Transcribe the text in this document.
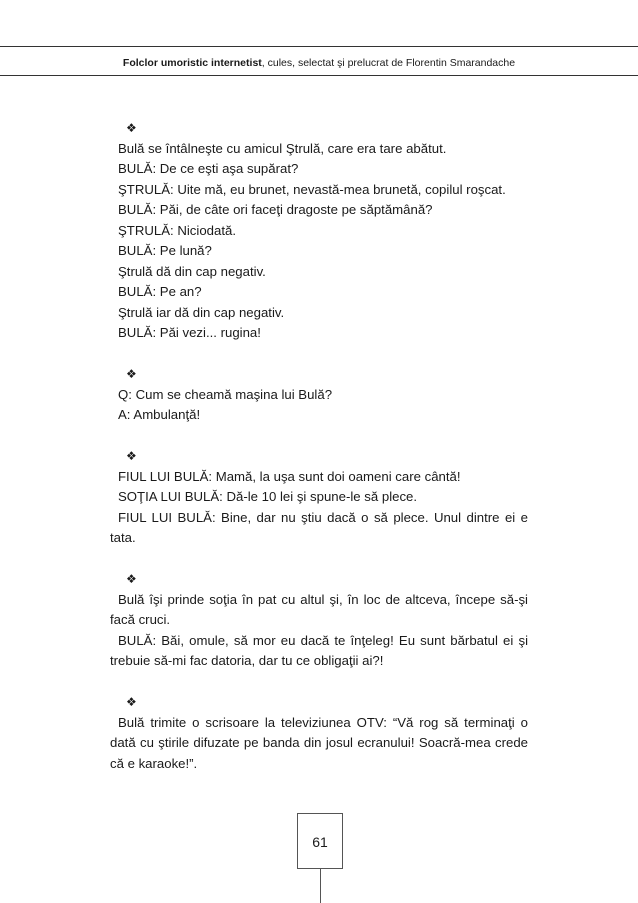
Folclor umoristic internetist, cules, selectat şi prelucrat de Florentin Smarandache
❖
Bulă se întâlneşte cu amicul Ştrulă, care era tare abătut.
BULĂ: De ce eşti aşa supărat?
ŞTRULĂ: Uite mă, eu brunet, nevastă-mea brunetă, copilul roşcat.
BULĂ: Păi, de câte ori faceţi dragoste pe săptămână?
ŞTRULĂ: Niciodată.
BULĂ: Pe lună?
Ştrulă dă din cap negativ.
BULĂ: Pe an?
Ştrulă iar dă din cap negativ.
BULĂ: Păi vezi... rugina!
❖
Q: Cum se cheamă maşina lui Bulă?
A: Ambulanţă!
❖
FIUL LUI BULĂ: Mamă, la uşa sunt doi oameni care cântă!
SOŢIA LUI BULĂ: Dă-le 10 lei şi spune-le să plece.
FIUL LUI BULĂ: Bine, dar nu ştiu dacă o să plece. Unul dintre ei e tata.
❖
Bulă îşi prinde soţia în pat cu altul şi, în loc de altceva, începe să-şi facă cruci.
BULĂ: Băi, omule, să mor eu dacă te înţeleg! Eu sunt bărbatul ei şi trebuie să-mi fac datoria, dar tu ce obligaţii ai?!
❖
Bulă trimite o scrisoare la televiziunea OTV: “Vă rog să terminaţi o dată cu ştirile difuzate pe banda din josul ecranului! Soacră-mea crede că e karaoke!”.
61
